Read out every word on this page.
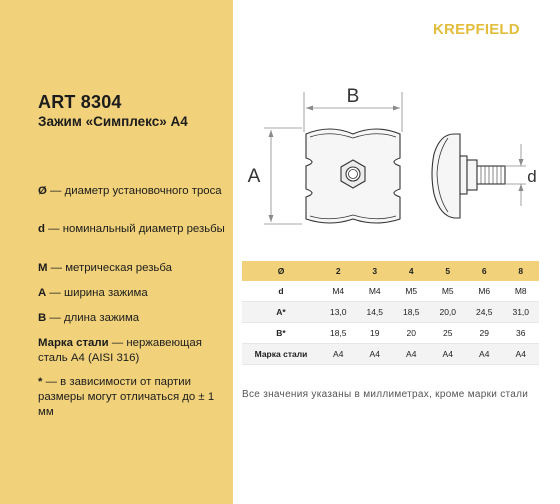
ART 8304
Зажим «Симплекс» А4
Ø — диаметр установочного троса
d — номинальный диаметр резьбы
M — метрическая резьба
A — ширина зажима
B — длина зажима
Марка стали — нержавеющая сталь А4 (AISI 316)
* — в зависимости от партии размеры могут отличаться до ± 1 мм
KREPFIELD
B
A	d
Ø	2	3	4	5	6	8
d	M4	M4	M5	M5	M6	M8
A*	13,0	14,5	18,5	20,0	24,5	31,0
B*	18,5	19	20	25	29	36
Марка стали	A4	A4	A4	A4	A4	A4
Все значения указаны в миллиметрах, кроме марки стали
